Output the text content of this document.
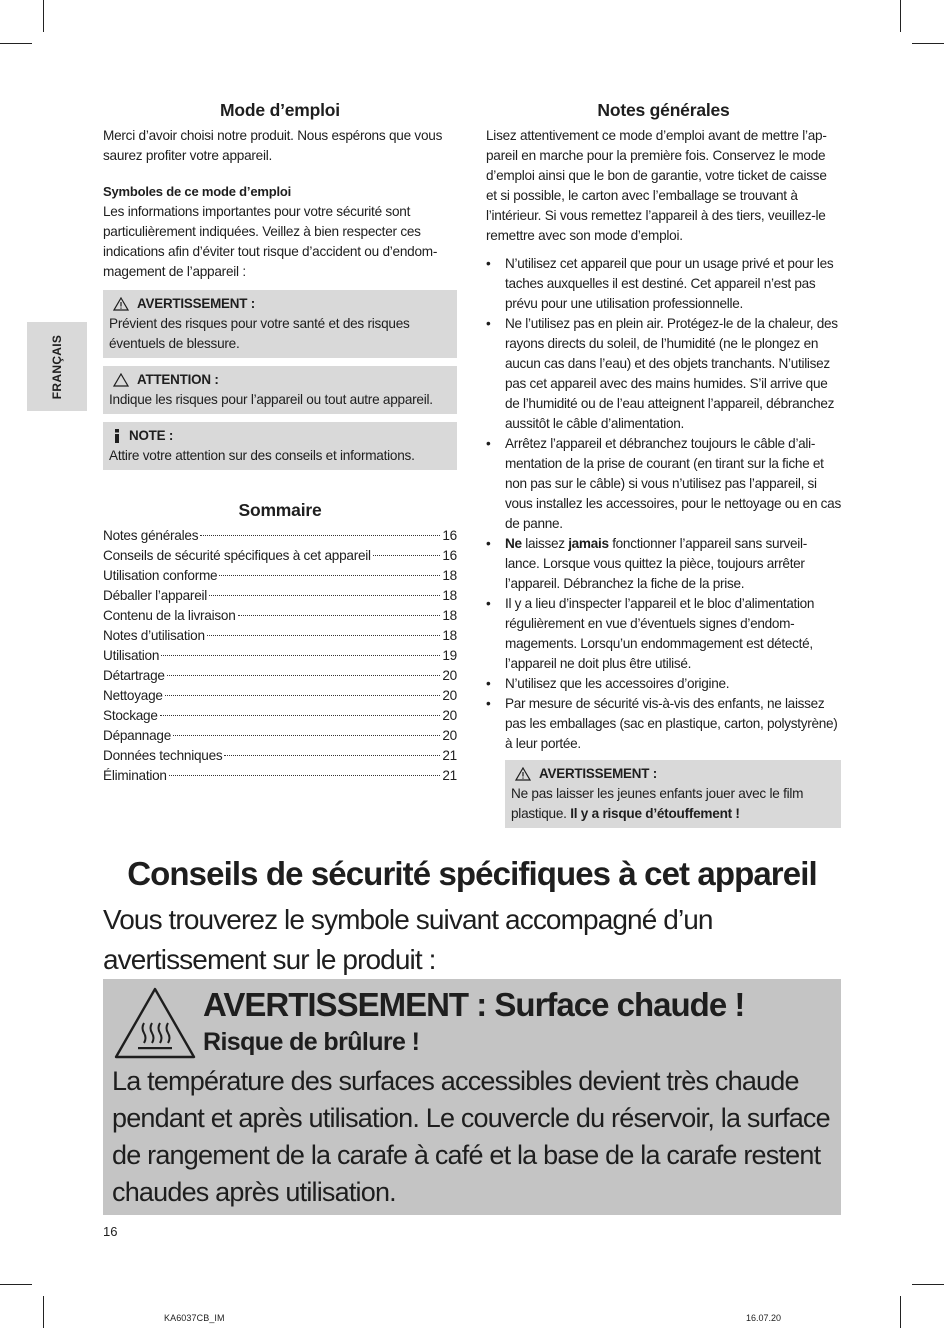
FRANÇAIS
Mode d’emploi
Merci d’avoir choisi notre produit. Nous espérons que vous saurez profiter votre appareil.
Symboles de ce mode d’emploi
Les informations importantes pour votre sécurité sont particulièrement indiquées. Veillez à bien respecter ces indications afin d’éviter tout risque d’accident ou d’endom-magement de l’appareil :
AVERTISSEMENT :
Prévient des risques pour votre santé et des risques éventuels de blessure.
ATTENTION :
Indique les risques pour l’appareil ou tout autre appareil.
NOTE :
Attire votre attention sur des conseils et informations.
Sommaire
Notes générales	16
Conseils de sécurité spécifiques à cet appareil	16
Utilisation conforme	18
Déballer l’appareil	18
Contenu de la livraison	18
Notes d’utilisation	18
Utilisation	19
Détartrage	20
Nettoyage	20
Stockage	20
Dépannage	20
Données techniques	21
Élimination	21
Notes générales
Lisez attentivement ce mode d’emploi avant de mettre l’ap-pareil en marche pour la première fois. Conservez le mode d’emploi ainsi que le bon de garantie, votre ticket de caisse et si possible, le carton avec l’emballage se trouvant à l’intérieur. Si vous remettez l’appareil à des tiers, veuillez-le remettre avec son mode d’emploi.
• N’utilisez cet appareil que pour un usage privé et pour les taches auxquelles il est destiné. Cet appareil n’est pas prévu pour une utilisation professionnelle.
• Ne l’utilisez pas en plein air. Protégez-le de la chaleur, des rayons directs du soleil, de l’humidité (ne le plongez en aucun cas dans l’eau) et des objets tranchants. N’utilisez pas cet appareil avec des mains humides. S’il arrive que de l’humidité ou de l’eau atteignent l’appareil, débranchez aussitôt le câble d’alimentation.
• Arrêtez l’appareil et débranchez toujours le câble d’ali-mentation de la prise de courant (en tirant sur la fiche et non pas sur le câble) si vous n’utilisez pas l’appareil, si vous installez les accessoires, pour le nettoyage ou en cas de panne.
• Ne laissez jamais fonctionner l’appareil sans surveil-lance. Lorsque vous quittez la pièce, toujours arrêter l’appareil. Débranchez la fiche de la prise.
• Il y a lieu d’inspecter l’appareil et le bloc d’alimentation régulièrement en vue d’éventuels signes d’endom-magements. Lorsqu’un endommagement est détecté, l’appareil ne doit plus être utilisé.
• N’utilisez que les accessoires d’origine.
• Par mesure de sécurité vis-à-vis des enfants, ne laissez pas les emballages (sac en plastique, carton, polystyrène) à leur portée.
AVERTISSEMENT :
Ne pas laisser les jeunes enfants jouer avec le film plastique. Il y a risque d’étouffement !
Conseils de sécurité spécifiques à cet appareil
Vous trouverez le symbole suivant accompagné d’un avertissement sur le produit :
AVERTISSEMENT : Surface chaude !
Risque de brûlure !
La température des surfaces accessibles devient très chaude pendant et après utilisation. Le couvercle du réservoir, la surface de rangement de la carafe à café et la base de la carafe restent chaudes après utilisation.
16
KA6037CB_IM	16.07.20
